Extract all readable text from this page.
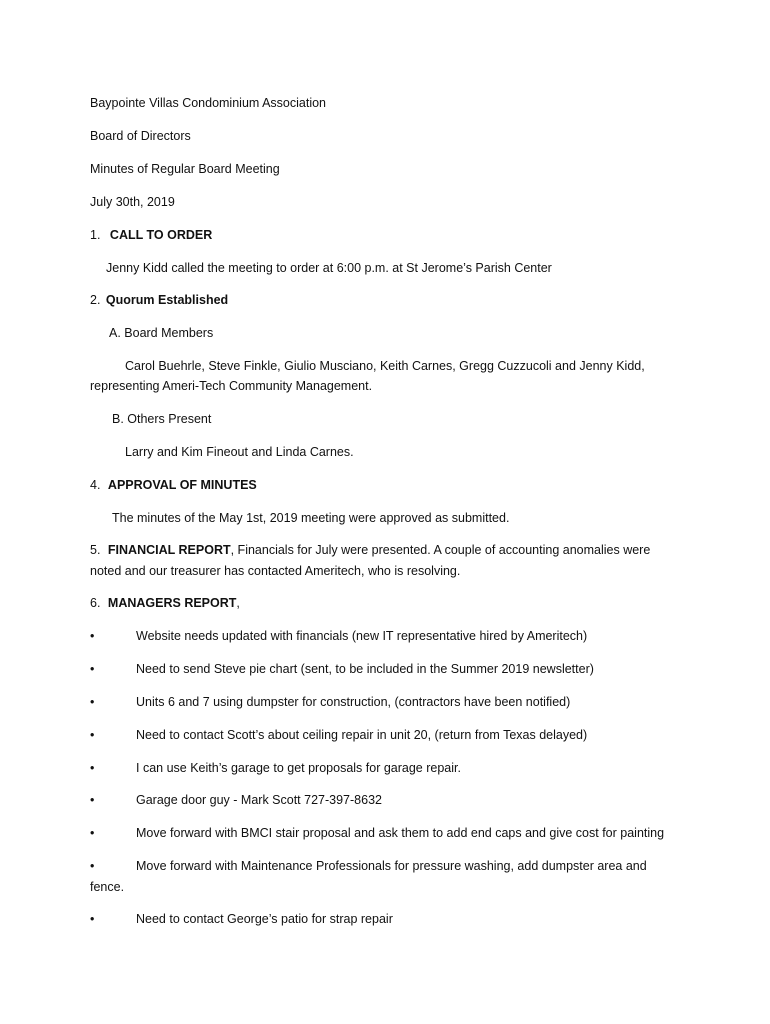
Baypointe Villas Condominium Association
Board of Directors
Minutes of Regular Board Meeting
July 30th, 2019
1. CALL TO ORDER
Jenny Kidd called the meeting to order at 6:00 p.m. at St Jerome’s Parish Center
2. Quorum Established
A. Board Members
Carol Buehrle, Steve Finkle, Giulio Musciano, Keith Carnes, Gregg Cuzzucoli and Jenny Kidd,
representing Ameri-Tech Community Management.
B. Others Present
Larry and Kim Fineout and Linda Carnes.
4. APPROVAL OF MINUTES
The minutes of the May 1st, 2019 meeting were approved as submitted.
5. FINANCIAL REPORT, Financials for July were presented. A couple of accounting anomalies were
noted and our treasurer has contacted Ameritech, who is resolving.
6. MANAGERS REPORT,
•	Website needs updated with financials (new IT representative hired by Ameritech)
•	Need to send Steve pie chart (sent, to be included in the Summer 2019 newsletter)
•	Units 6 and 7 using dumpster for construction, (contractors have been notified)
•	Need to contact Scott’s about ceiling repair in unit 20, (return from Texas delayed)
•	I can use Keith’s garage to get proposals for garage repair.
•	Garage door guy - Mark Scott 727-397-8632
•	Move forward with BMCI stair proposal and ask them to add end caps and give cost for painting
•	Move forward with Maintenance Professionals for pressure washing, add dumpster area and
fence.
•	Need to contact George’s patio for strap repair
